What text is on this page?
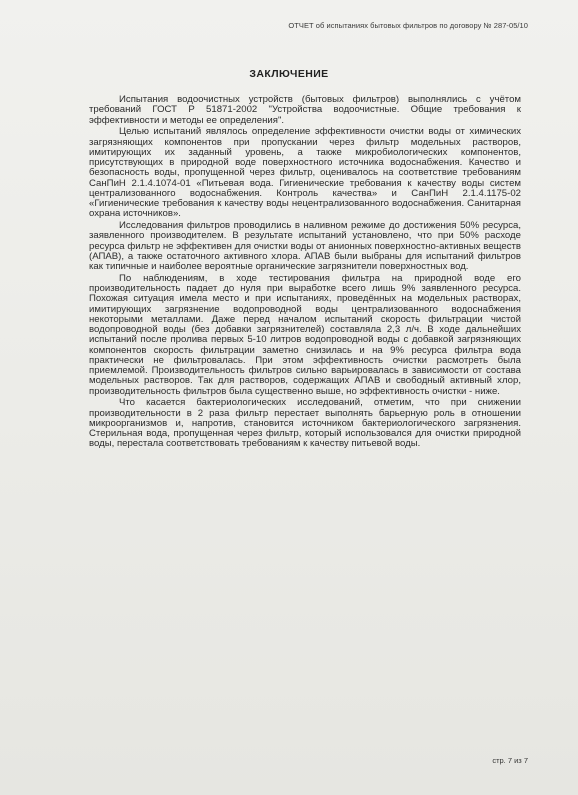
ОТЧЕТ об испытаниях бытовых фильтров по договору № 287-05/10
ЗАКЛЮЧЕНИЕ

Испытания водоочистных устройств (бытовых фильтров) выполнялись с учётом требований ГОСТ Р 51871-2002 "Устройства водоочистные. Общие требования к эффективности и методы ее определения".

Целью испытаний являлось определение эффективности очистки воды от химических загрязняющих компонентов при пропускании через фильтр модельных растворов, имитирующих их заданный уровень, а также микробиологических компонентов, присутствующих в природной воде поверхностного источника водоснабжения. Качество и безопасность воды, пропущенной через фильтр, оценивалось на соответствие требованиям СанПиН 2.1.4.1074-01 «Питьевая вода. Гигиенические требования к качеству воды систем централизованного водоснабжения. Контроль качества» и СанПиН 2.1.4.1175-02 «Гигиенические требования к качеству воды нецентрализованного водоснабжения. Санитарная охрана источников».

Исследования фильтров проводились в наливном режиме до достижения 50% ресурса, заявленного производителем. В результате испытаний установлено, что при 50% расходе ресурса фильтр не эффективен для очистки воды от анионных поверхностно-активных веществ (АПАВ), а также остаточного активного хлора. АПАВ были выбраны для испытаний фильтров как типичные и наиболее вероятные органические загрязнители поверхностных вод.

По наблюдениям, в ходе тестирования фильтра на природной воде его производительность падает до нуля при выработке всего лишь 9% заявленного ресурса. Похожая ситуация имела место и при испытаниях, проведённых на модельных растворах, имитирующих загрязнение водопроводной воды централизованного водоснабжения некоторыми металлами. Даже перед началом испытаний скорость фильтрации чистой водопроводной воды (без добавки загрязнителей) составляла 2,3 л/ч. В ходе дальнейших испытаний после пролива первых 5-10 литров водопроводной воды с добавкой загрязняющих компонентов скорость фильтрации заметно снизилась и на 9% ресурса фильтра вода практически не фильтровалась. При этом эффективность очистки расмотреть была приемлемой. Производительность фильтров сильно варьировалась в зависимости от состава модельных растворов. Так для растворов, содержащих АПАВ и свободный активный хлор, производительность фильтров была существенно выше, но эффективность очистки - ниже.

Что касается бактериологических исследований, отметим, что при снижении производительности в 2 раза фильтр перестает выполнять барьерную роль в отношении микроорганизмов и, напротив, становится источником бактериологического загрязнения. Стерильная вода, пропущенная через фильтр, который использовался для очистки природной воды, перестала соответствовать требованиям к качеству питьевой воды.

стр. 7 из 7
